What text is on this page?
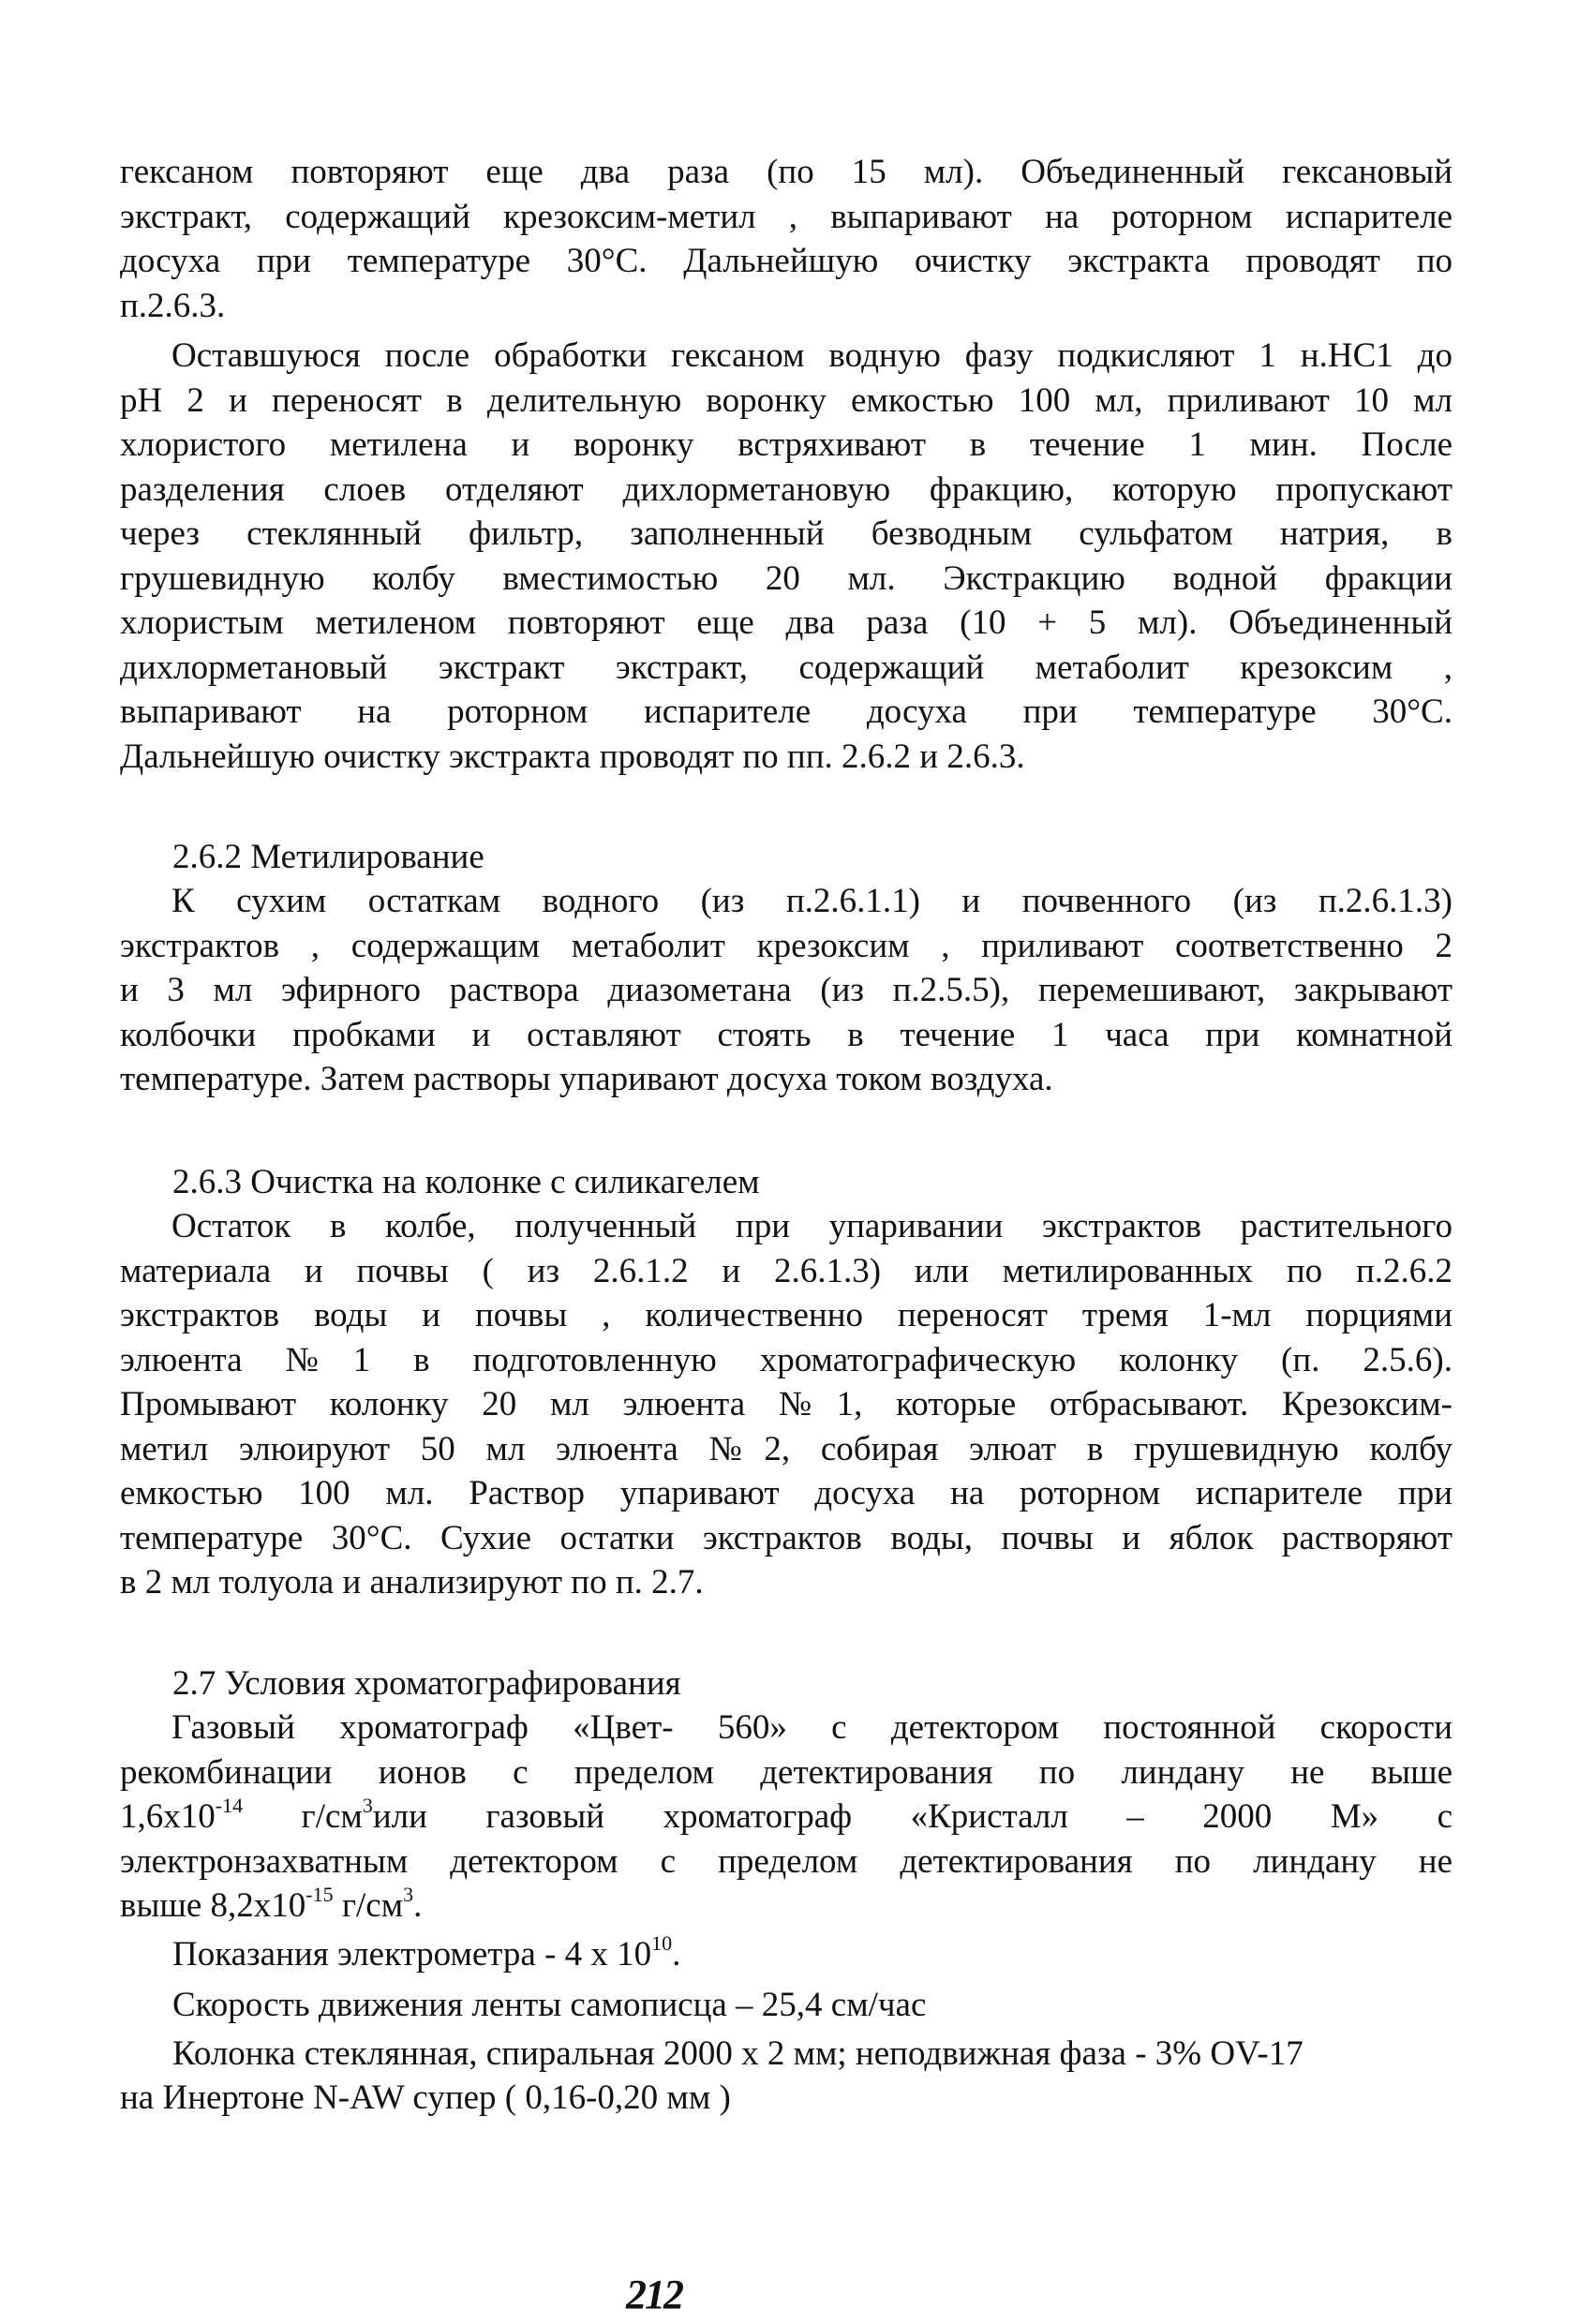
гексаном повторяют еще два раза (по 15 мл). Объединенный гексановый
экстракт, содержащий крезоксим-метил , выпаривают на роторном испарителе
досуха при температуре 30°С. Дальнейшую очистку экстракта проводят по
п.2.6.3.
Оставшуюся после обработки гексаном водную фазу подкисляют 1 н.НС1 до
рН 2 и переносят в делительную воронку емкостью 100 мл, приливают 10 мл
хлористого метилена и воронку встряхивают в течение 1 мин. После
разделения слоев отделяют дихлорметановую фракцию, которую пропускают
через стеклянный фильтр, заполненный безводным сульфатом натрия, в
грушевидную колбу вместимостью 20 мл. Экстракцию водной фракции
хлористым метиленом повторяют еще два раза (10 + 5 мл). Объединенный
дихлорметановый экстракт экстракт, содержащий метаболит крезоксим ,
выпаривают на роторном испарителе досуха при температуре 30°С.
Дальнейшую очистку экстракта проводят по пп. 2.6.2 и 2.6.3.
2.6.2 Метилирование
К сухим остаткам водного (из п.2.6.1.1) и почвенного (из п.2.6.1.3)
экстрактов , содержащим метаболит крезоксим , приливают соответственно 2
и 3 мл эфирного раствора диазометана (из п.2.5.5), перемешивают, закрывают
колбочки пробками и оставляют стоять в течение 1 часа при комнатной
температуре. Затем растворы упаривают досуха током воздуха.
2.6.3 Очистка на колонке с силикагелем
Остаток в колбе, полученный при упаривании экстрактов растительного
материала и почвы ( из 2.6.1.2 и 2.6.1.3) или метилированных по п.2.6.2
экстрактов воды и почвы , количественно переносят тремя 1-мл порциями
элюента №1 в подготовленную хроматографическую колонку (п. 2.5.6).
Промывают колонку 20 мл элюента №1, которые отбрасывают. Крезоксим-
метил элюируют 50 мл элюента №2, собирая элюат в грушевидную колбу
емкостью 100 мл. Раствор упаривают досуха на роторном испарителе при
температуре 30°С. Сухие остатки экстрактов воды, почвы и яблок растворяют
в 2 мл толуола и анализируют по п. 2.7.
2.7 Условия хроматографирования
Газовый хроматограф «Цвет- 560» с детектором постоянной скорости
рекомбинации ионов с пределом детектирования по линдану не выше
$1,6x10^{-14}$ $г/см^3или$ газовый хроматограф «Кристалл – 2000 М» с
электронзахватным детектором с пределом детектирования по линдану не
выше $8,2x10^{-15}$ $г/см^3$.
Показания электрометра - 4 x $10^{10}$.
Скорость движения ленты самописца – 25,4 см/час
Колонка стеклянная, спиральная 2000 x 2 мм; неподвижная фаза - 3% OV-17
на Инертоне N-AW супер ( 0,16-0,20 мм )
212
